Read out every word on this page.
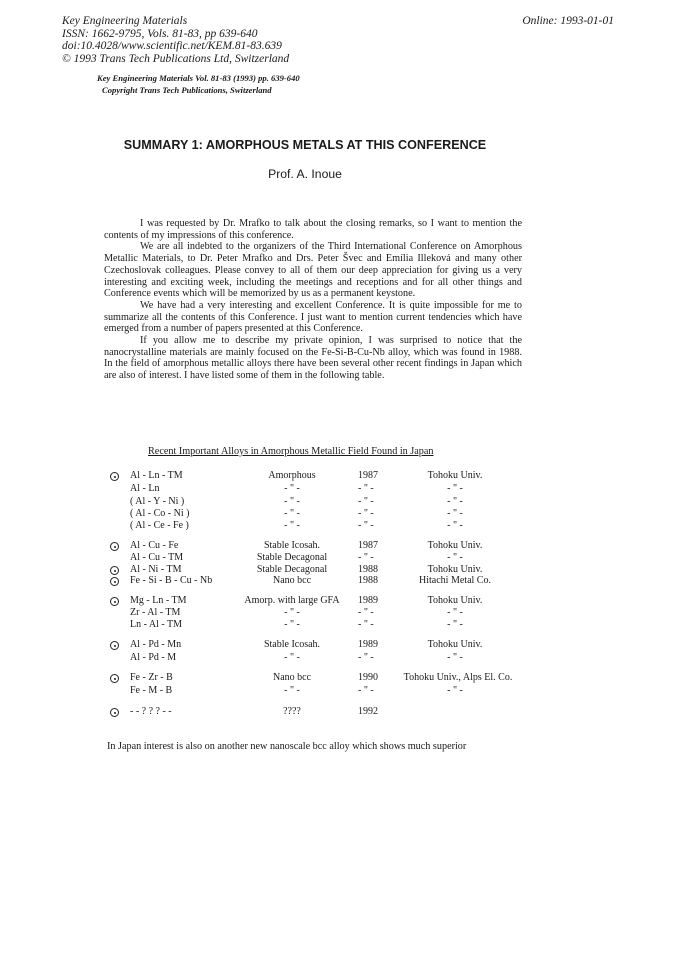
Key Engineering Materials
ISSN: 1662-9795, Vols. 81-83, pp 639-640
doi:10.4028/www.scientific.net/KEM.81-83.639
© 1993 Trans Tech Publications Ltd, Switzerland
Online: 1993-01-01
Key Engineering Materials Vol. 81-83 (1993) pp. 639-640
Copyright Trans Tech Publications, Switzerland
SUMMARY 1: AMORPHOUS METALS AT THIS CONFERENCE
Prof. A. Inoue

I was requested by Dr. Mrafko to talk about the closing remarks, so I want to mention the contents of my impressions of this conference.

We are all indebted to the organizers of the Third International Conference on Amorphous Metallic Materials, to Dr. Peter Mrafko and Drs. Peter Švec and Emília Illeková and many other Czechoslovak colleagues. Please convey to all of them our deep appreciation for giving us a very interesting and exciting week, including the meetings and receptions and for all other things and Conference events which will be memorized by us as a permanent keystone.

We have had a very interesting and excellent Conference. It is quite impossible for me to summarize all the contents of this Conference. I just want to mention current tendencies which have emerged from a number of papers presented at this Conference.

If you allow me to describe my private opinion, I was surprised to notice that the nanocrystalline materials are mainly focused on the Fe-Si-B-Cu-Nb alloy, which was found in 1988. In the field of amorphous metallic alloys there have been several other recent findings in Japan which are also of interest. I have listed some of them in the following table.

Recent Important Alloys in Amorphous Metallic Field Found in Japan
Al - Ln - TM	Amorphous	1987	Tohoku Univ.
Al - Ln	- " -	- " -	- " -
( Al - Y - Ni )	- " -	- " -	- " -
( Al - Co - Ni )	- " -	- " -	- " -
( Al - Ce - Fe )	- " -	- " -	- " -
Al - Cu - Fe	Stable Icosah.	1987	Tohoku Univ.
Al - Cu - TM	Stable Decagonal	- " -	- " -
Al - Ni - TM	Stable Decagonal	1988	Tohoku Univ.
Fe - Si - B - Cu - Nb	Nano bcc	1988	Hitachi Metal Co.
Mg - Ln - TM	Amorp. with large GFA	1989	Tohoku Univ.
Zr - Al - TM	- " -	- " -	- " -
Ln - Al - TM	- " -	- " -	- " -
Al - Pd - Mn	Stable Icosah.	1989	Tohoku Univ.
Al - Pd - M	- " -	- " -	- " -
Fe - Zr - B	Nano bcc	1990	Tohoku Univ., Alps El. Co.
Fe - M - B	- " -	- " -	- " -
- - ? ? ? - -	????	1992
In Japan interest is also on another new nanoscale bcc alloy which shows much superior
